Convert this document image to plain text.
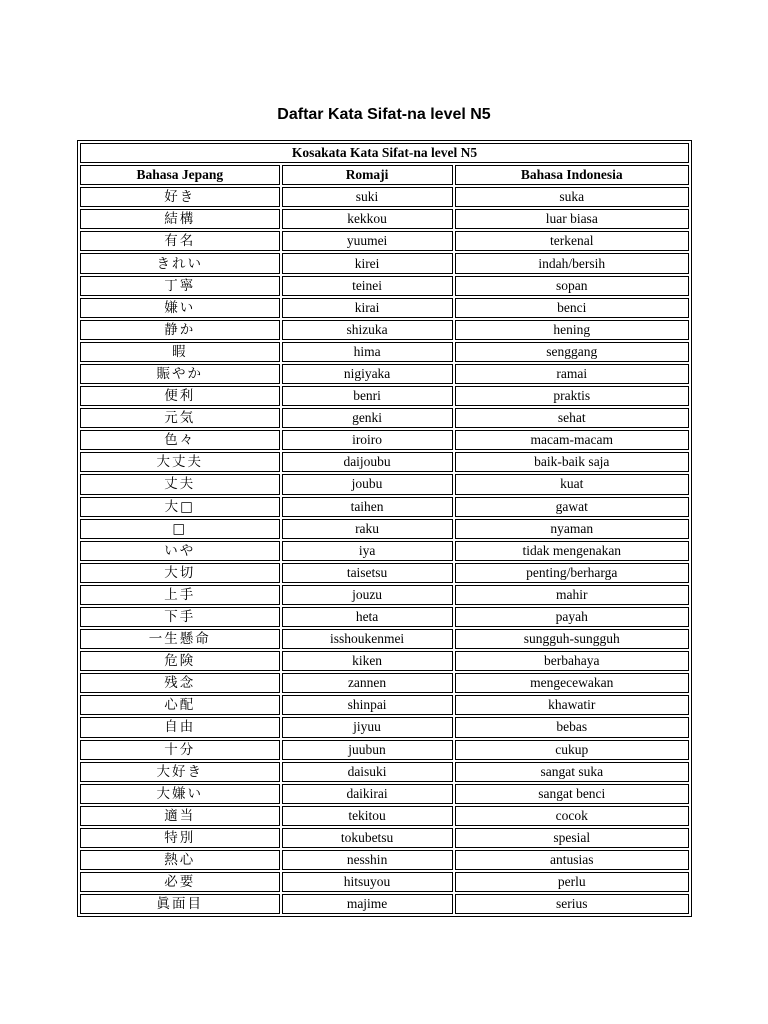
Daftar Kata Sifat-na level N5
Kosakata Kata Sifat-na level N5		
Bahasa Jepang	Romaji	Bahasa Indonesia
好き	suki	suka
結構	kekkou	luar biasa
有名	yuumei	terkenal
きれい	kirei	indah/bersih
丁寧	teinei	sopan
嫌い	kirai	benci
静か	shizuka	hening
暇	hima	senggang
賑やか	nigiyaka	ramai
便利	benri	praktis
元気	genki	sehat
色々	iroiro	macam-macam
大丈夫	daijoubu	baik-baik saja
丈夫	joubu	kuat
大□	taihen	gawat
□	raku	nyaman
いや	iya	tidak mengenakan
大切	taisetsu	penting/berharga
上手	jouzu	mahir
下手	heta	payah
一生懸命	isshoukenmei	sungguh-sungguh
危険	kiken	berbahaya
残念	zannen	mengecewakan
心配	shinpai	khawatir
自由	jiyuu	bebas
十分	juubun	cukup
大好き	daisuki	sangat suka
大嫌い	daikirai	sangat benci
適当	tekitou	cocok
特別	tokubetsu	spesial
熱心	nesshin	antusias
必要	hitsuyou	perlu
眞面目	majime	serius
